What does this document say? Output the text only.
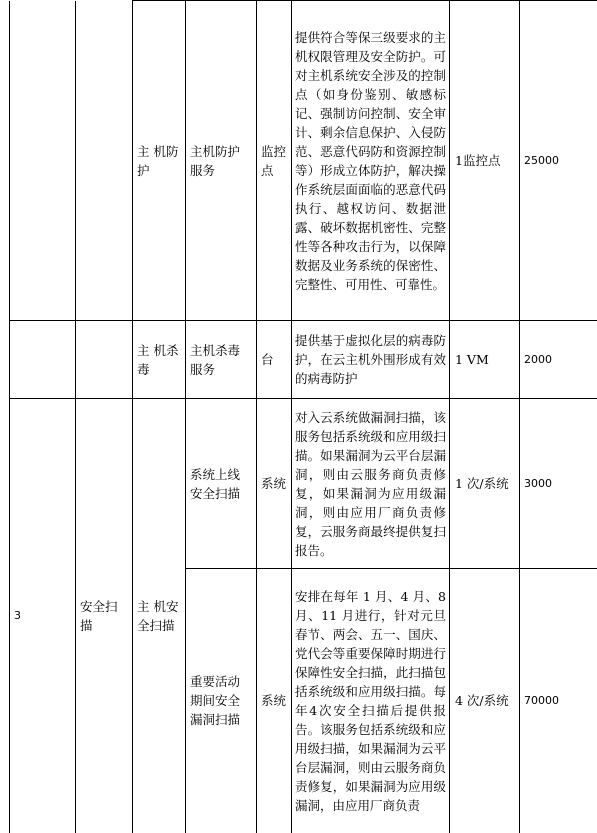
		主 机防护	主机防护服务	监控点	提供符合等保三级要求的主机权限管理及安全防护。可对主机系统安全涉及的控制点（如身份鉴别、敏感标记、强制访问控制、安全审计、剩余信息保护、入侵防范、恶意代码防和资源控制等）形成立体防护，解决操作系统层面面临的恶意代码执行、越权访问、数据泄露、破坏数据机密性、完整性等各种攻击行为，以保障数据及业务系统的保密性、完整性、可用性、可靠性。	1监控点	25000
		主 机杀毒	主机杀毒服务	台	提供基于虚拟化层的病毒防护，在云主机外围形成有效的病毒防护	1 VM	2000
3	安全扫描	主 机安 全扫描	系统上线安全扫描	系统	对入云系统做漏洞扫描，该服务包括系统级和应用级扫描。如果漏洞为云平台层漏洞，则由云服务商负责修复，如果漏洞为应用级漏洞，则由应用厂商负责修复，云服务商最终提供复扫报告。	1 次/系统	3000
			重要活动期间安全漏洞扫描	系统	安排在每年 1 月、4 月、8 月、11 月进行，针对元旦春节、两会、五一、国庆、党代会等重要保障时期进行保障性安全扫描，此扫描包括系统级和应用级扫描。每年4次安全扫描后提供报告。该服务包括系统级和应用级扫描，如果漏洞为云平台层漏洞，则由云服务商负责修复，如果漏洞为应用级漏洞，由应用厂商负责	4 次/系统	70000
